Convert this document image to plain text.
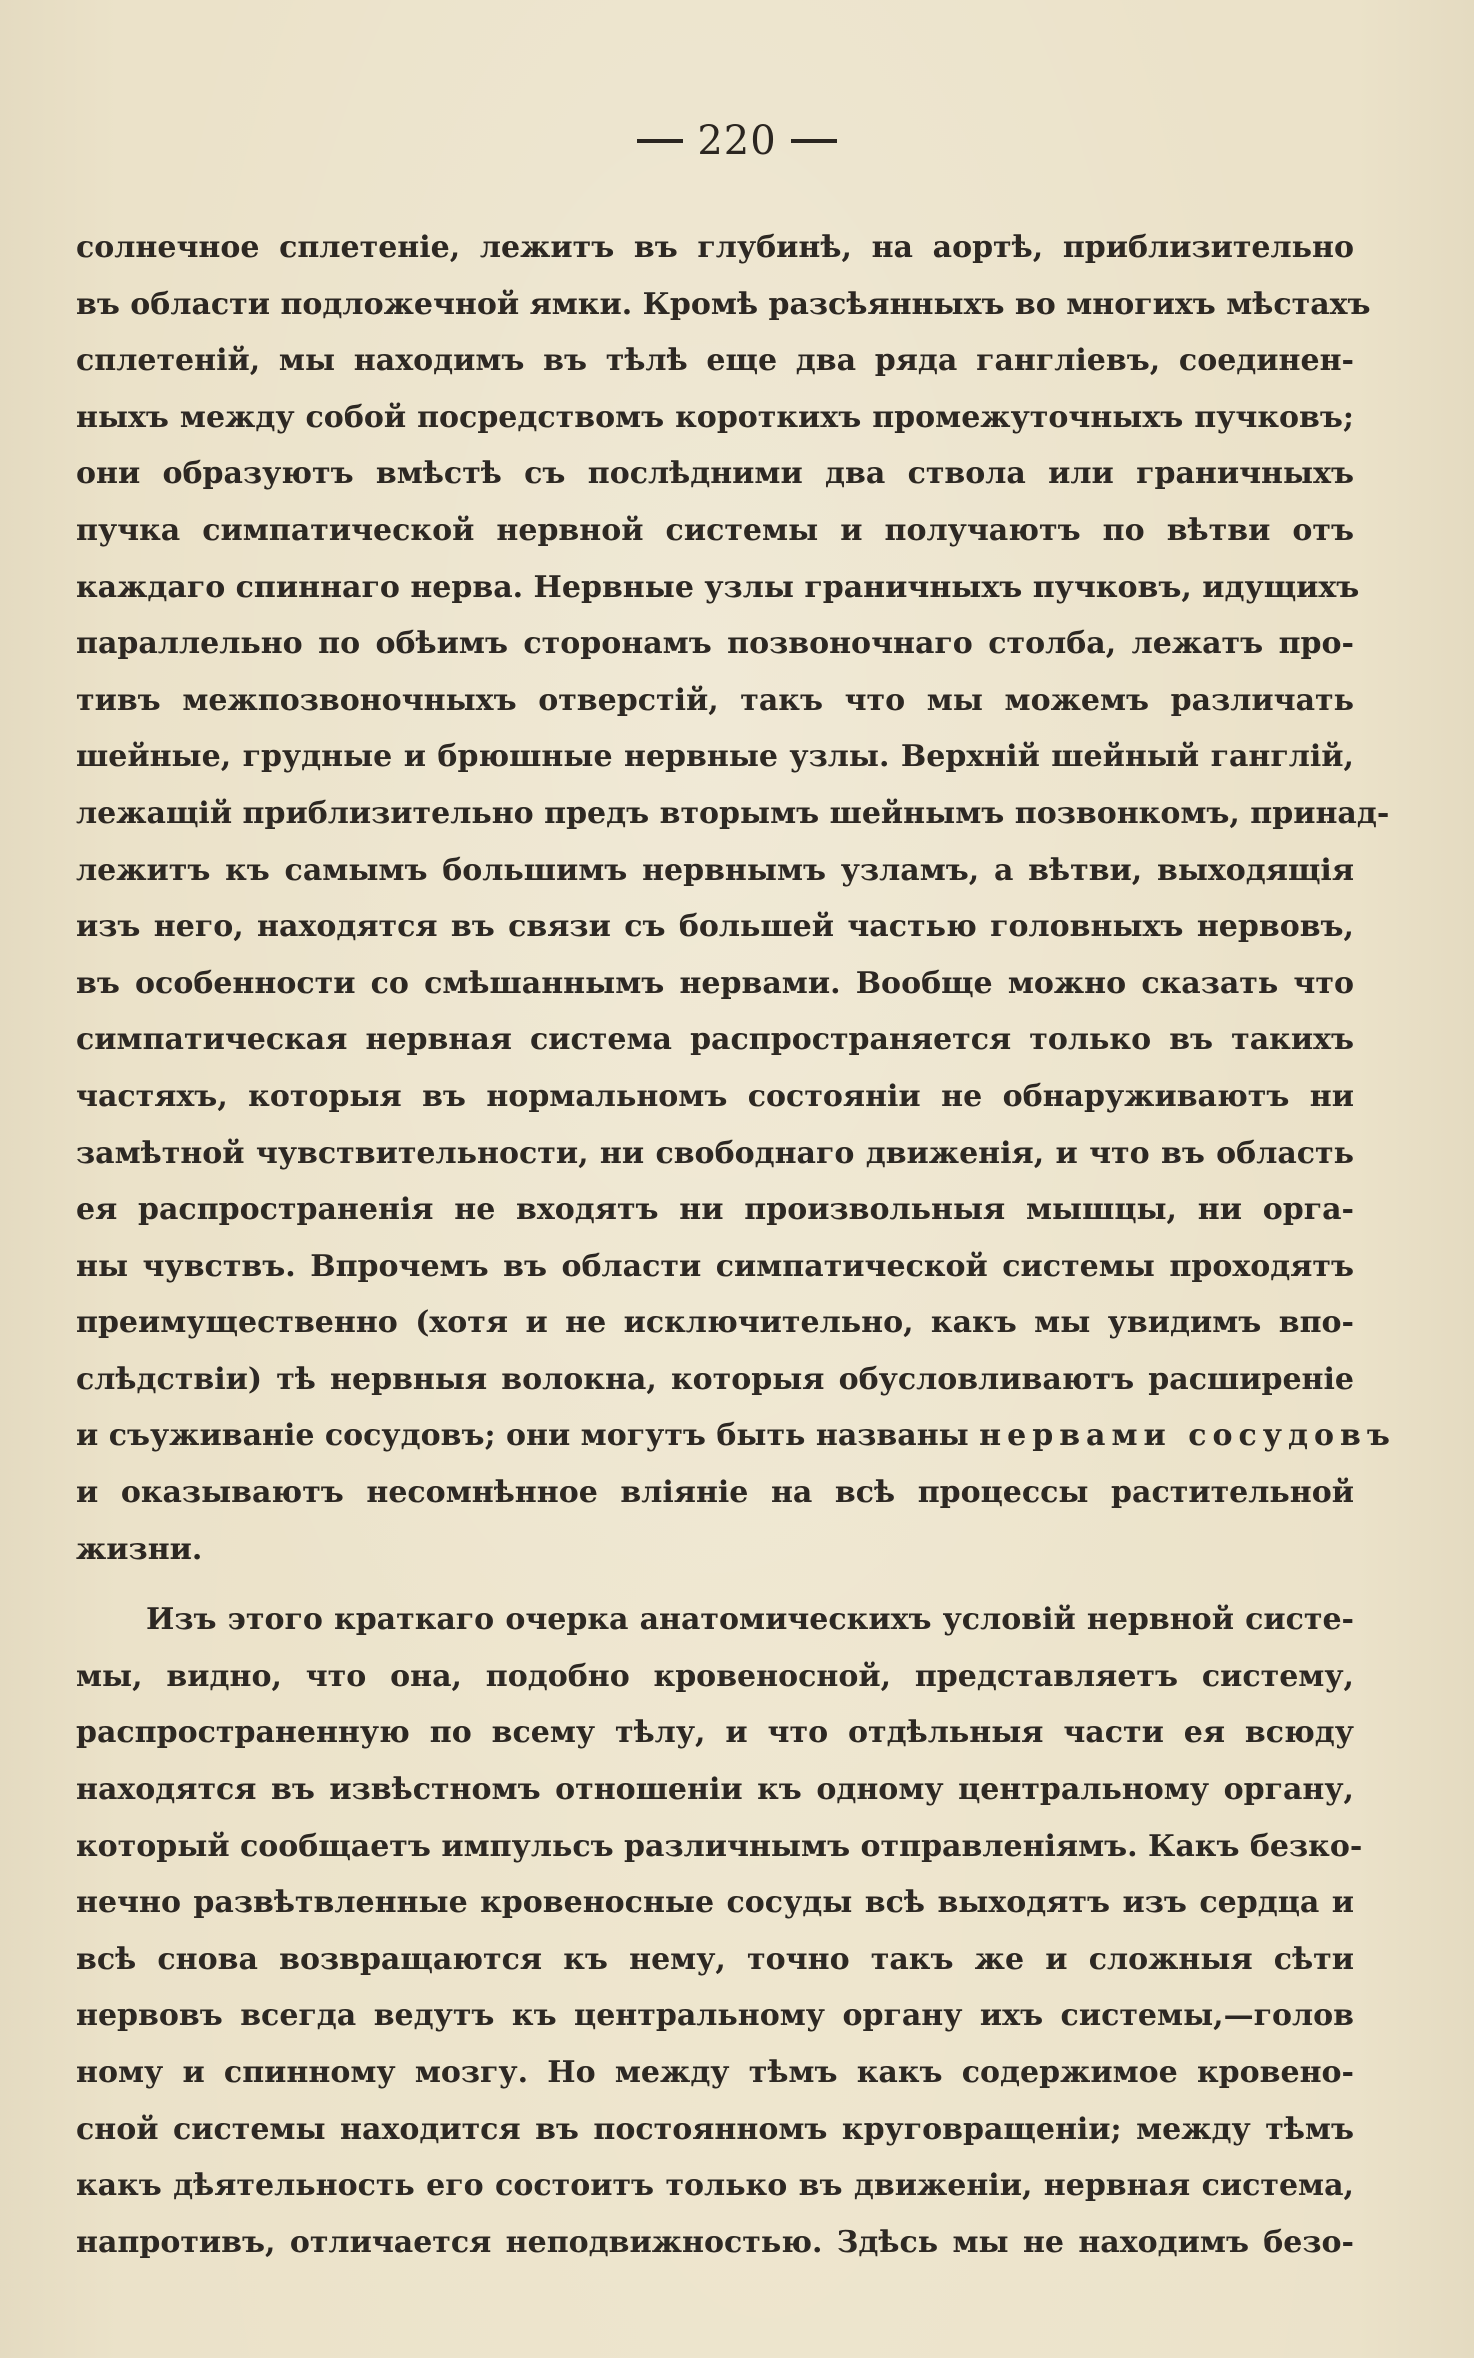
220
солнечное сплетеніе, лежитъ въ глубинѣ, на аортѣ, приблизительно
въ области подложечной ямки. Кромѣ разсѣянныхъ во многихъ мѣстахъ
сплетеній, мы находимъ въ тѣлѣ еще два ряда гангліевъ, соединен-
ныхъ между собой посредствомъ короткихъ промежуточныхъ пучковъ;
они образуютъ вмѣстѣ съ послѣдними два ствола или граничныхъ
пучка симпатической нервной системы и получаютъ по вѣтви отъ
каждаго спиннаго нерва. Нервные узлы граничныхъ пучковъ, идущихъ
параллельно по обѣимъ сторонамъ позвоночнаго столба, лежатъ про-
тивъ межпозвоночныхъ отверстій, такъ что мы можемъ различать
шейные, грудные и брюшные нервные узлы. Верхній шейный ганглій,
лежащій приблизительно предъ вторымъ шейнымъ позвонкомъ, принад-
лежитъ къ самымъ большимъ нервнымъ узламъ, а вѣтви, выходящія
изъ него, находятся въ связи съ большей частью головныхъ нервовъ,
въ особенности со смѣшаннымъ нервами. Вообще можно сказать что
симпатическая нервная система распространяется только въ такихъ
частяхъ, которыя въ нормальномъ состояніи не обнаруживаютъ ни
замѣтной чувствительности, ни свободнаго движенія, и что въ область
ея распространенія не входятъ ни произвольныя мышцы, ни орга-
ны чувствъ. Впрочемъ въ области симпатической системы проходятъ
преимущественно (хотя и не исключительно, какъ мы увидимъ впо-
слѣдствіи) тѣ нервныя волокна, которыя обусловливаютъ расширеніе
и съуживаніе сосудовъ; они могутъ быть названы нервами сосудовъ
и оказываютъ несомнѣнное вліяніе на всѣ процессы растительной
жизни.
Изъ этого краткаго очерка анатомическихъ условій нервной систе-
мы, видно, что она, подобно кровеносной, представляетъ систему,
распространенную по всему тѣлу, и что отдѣльныя части ея всюду
находятся въ извѣстномъ отношеніи къ одному центральному органу,
который сообщаетъ импульсъ различнымъ отправленіямъ. Какъ безко-
нечно развѣтвленные кровеносные сосуды всѣ выходятъ изъ сердца и
всѣ снова возвращаются къ нему, точно такъ же и сложныя сѣти
нервовъ всегда ведутъ къ центральному органу ихъ системы,—голов
ному и спинному мозгу. Но между тѣмъ какъ содержимое кровено-
сной системы находится въ постоянномъ круговращеніи; между тѣмъ
какъ дѣятельность его состоитъ только въ движеніи, нервная система,
напротивъ, отличается неподвижностью. Здѣсь мы не находимъ безо-
